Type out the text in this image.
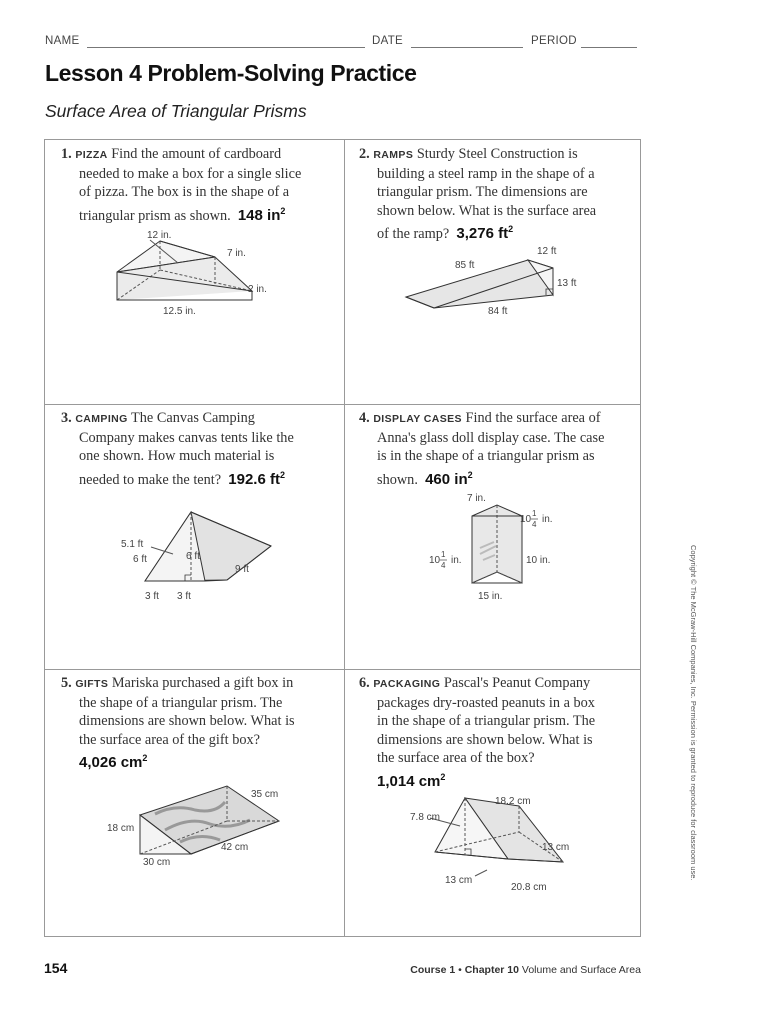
NAME	DATE	PERIOD
Lesson 4 Problem-Solving Practice
Surface Area of Triangular Prisms
1. PIZZA Find the amount of cardboard
needed to make a box for a single slice
of pizza. The box is in the shape of a
triangular prism as shown. 148 $in^2$
12 in.
7 in.
2 in.
12.5 in.
2. RAMPS Sturdy Steel Construction is
building a steel ramp in the shape of a
triangular prism. The dimensions are
shown below. What is the surface area
of the ramp? 3,276 $ft^2$
12 ft
85 ft
13 ft
84 ft
3. CAMPING The Canvas Camping
Company makes canvas tents like the
one shown. How much material is
needed to make the tent? 192.6 $ft^2$
5.1 ft
6 ft	6 ft
9 ft
3 ft 3 ft
4. DISPLAY CASES Find the surface area of
Anna's glass doll display case. The case
is in the shape of a triangular prism as
shown. 460 $in^2$
7 in.
10
1
4 in.
10
1
4 in.	10 in.
15 in.
5. GIFTS Mariska purchased a gift box in
the shape of a triangular prism. The
dimensions are shown below. What is
the surface area of the gift box?
4,026 $cm^2$
35 cm
18 cm
42 cm
30 cm
6. PACKAGING Pascal's Peanut Company
packages dry-roasted peanuts in a box
in the shape of a triangular prism. The
dimensions are shown below. What is
the surface area of the box?
1,014 $cm^2$
18.2 cm
7.8 cm
13 cm
13 cm
20.8 cm
154	Course 1 • Chapter 10 Volume and Surface Area
Copyright © The McGraw-Hill Companies, Inc. Permission is granted to reproduce for classroom use.
